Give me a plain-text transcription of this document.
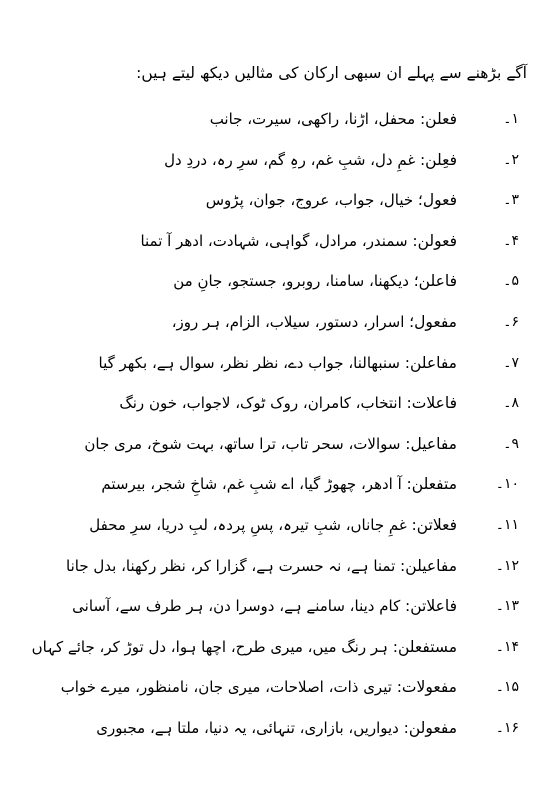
آگے بڑھنے سے پہلے ان سبھی ارکان کی مثالیں دیکھ لیتے ہیں:
۱۔
فعلن: محفل، اڑنا، راکھی، سیرت، جانب
۲۔
فعِلن: غمِ دل، شبِ غم، رہِ گم، سرِ رہ، دردِ دل
۳۔
فعول؛ خیال، جواب، عروج، جوان، پڑوس
۴۔
فعولن: سمندر، مرادل، گواہی، شہادت، ادھر آ تمنا
۵۔
فاعلن؛ دیکھنا، سامنا، روبرو، جستجو، جانِ من
۶۔
مفعول؛ اسرار، دستور، سیلاب، الزام، ہر روز،
۷۔
مفاعلن: سنبھالنا، جواب دے، نظر نظر، سوال ہے، بکھر گیا
۸۔
فاعلات: انتخاب، کامران، روک ٹوک، لاجواب، خون رنگ
۹۔
مفاعیل: سوالات، سحر تاب، ترا ساتھ، بہت شوخ، مری جان
۱۰۔
متفعلن: آ ادھر، چھوڑ گیا، اے شبِ غم، شاخِ شجر، بیرستم
۱۱۔
فعلاتن: غمِ جاناں، شبِ تیرہ، پسِ پردہ، لبِ دریا، سرِ محفل
۱۲۔
مفاعیلن: تمنا ہے، نہ حسرت ہے، گزارا کر، نظر رکھنا، بدل جانا
۱۳۔
فاعلاتن: کام دینا، سامنے ہے، دوسرا دن، ہر طرف سے، آسانی
۱۴۔
مستفعلن: ہر رنگ میں، میری طرح، اچھا ہوا، دل توڑ کر، جائے کہاں
۱۵۔
مفعولات: تیری ذات، اصلاحات، میری جان، نامنظور، میرے خواب
۱۶۔
مفعولن: دیواریں، بازاری، تنہائی، یہ دنیا، ملتا ہے، مجبوری
